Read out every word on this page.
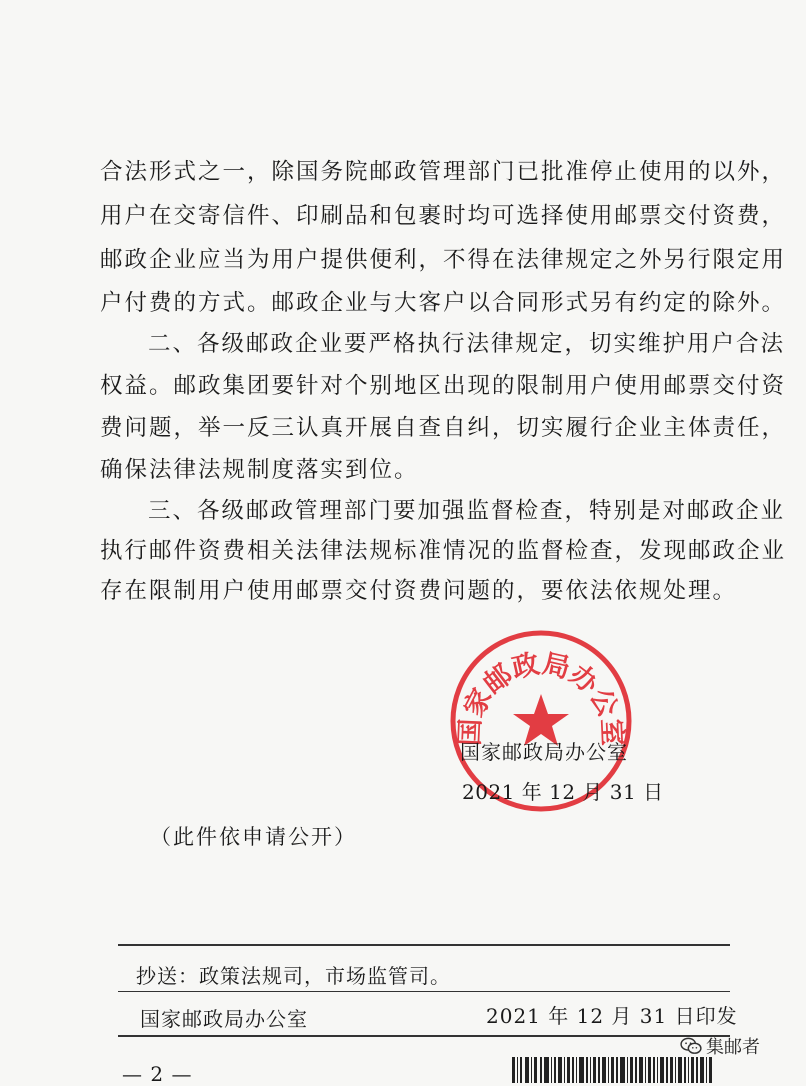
合法形式之一，除国务院邮政管理部门已批准停止使用的以外，
用户在交寄信件、印刷品和包裹时均可选择使用邮票交付资费，
邮政企业应当为用户提供便利，不得在法律规定之外另行限定用
户付费的方式。邮政企业与大客户以合同形式另有约定的除外。
二、各级邮政企业要严格执行法律规定，切实维护用户合法
权益。邮政集团要针对个别地区出现的限制用户使用邮票交付资
费问题，举一反三认真开展自查自纠，切实履行企业主体责任，
确保法律法规制度落实到位。
三、各级邮政管理部门要加强监督检查，特别是对邮政企业
执行邮件资费相关法律法规标准情况的监督检查，发现邮政企业
存在限制用户使用邮票交付资费问题的，要依法依规处理。
国家邮政局办公室
国家邮政局办公室
2021 年 12 月 31 日
（此件依申请公开）
抄送：政策法规司，市场监管司。
国家邮政局办公室	2021 年 12 月 31 日印发
— 2 —
集邮者
